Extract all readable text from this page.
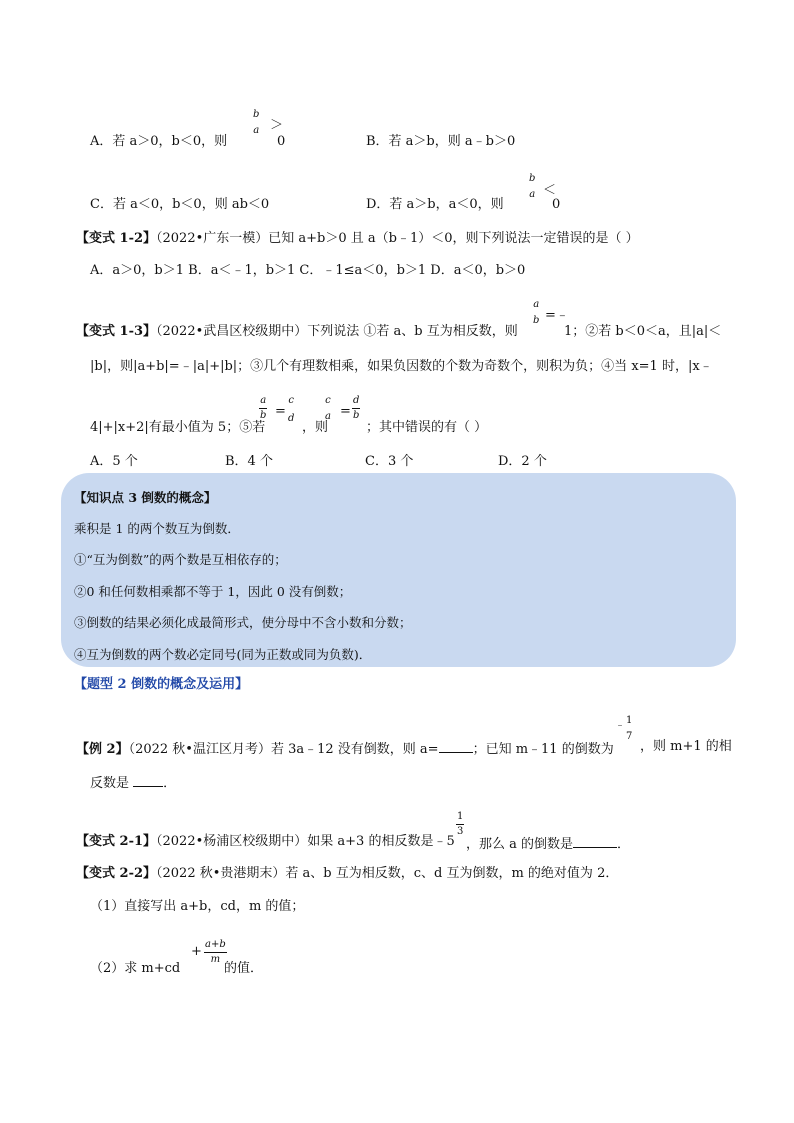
A．若 a＞0，b＜0，则
b
a ＞
0	B．若 a＞b，则 a﹣b＞0
C．若 a＜0，b＜0，则 ab＜0	D．若 a＞b，a＜0，则
b
a ＜
0
【变式 1-2】（2022•广东一模）已知 a+b＞0 且 a（b﹣1）＜0，则下列说法一定错误的是（ ）
A．a＞0，b＞1 B．a＜﹣1，b＞1 C．﹣1≤a＜0，b＞1 D．a＜0，b＞0
【变式 1-3】（2022•武昌区校级期中）下列说法 ①若 a、b 互为相反数，则
a
b =﹣
1；②若 b＜0＜a，且|a|＜
|b|，则|a+b|=﹣|a|+|b|；③几个有理数相乘，如果负因数的个数为奇数个，则积为负；④当 x=1 时，|x﹣
4|+|x+2|有最小值为 5；⑤若
a
b =
c
d
，则
c
a =
d
b
；其中错误的有（ ）
A．5 个	B．4 个	C．3 个	D．2 个
【知识点 3 倒数的概念】
乘积是 1 的两个数互为倒数．
①“互为倒数”的两个数是互相依存的；
②0 和任何数相乘都不等于 1，因此 0 没有倒数；
③倒数的结果必须化成最简形式，使分母中不含小数和分数；
④互为倒数的两个数必定同号(同为正数或同为负数)．
【题型 2 倒数的概念及运用】
【例 2】（2022 秋•温江区月考）若 3a﹣12 没有倒数，则 a=	；已知 m﹣11 的倒数为
﹣ 1
7
，则 m+1 的相
反数是	．
【变式 2-1】（2022•杨浦区校级期中）如果 a+3 的相反数是﹣5
1
3
，那么 a 的倒数是	．
【变式 2-2】（2022 秋•贵港期末）若 a、b 互为相反数，c、d 互为倒数，m 的绝对值为 2．
（1）直接写出 a+b，cd，m 的值；
（2）求 m+cd
+ a+b
m
的值．
